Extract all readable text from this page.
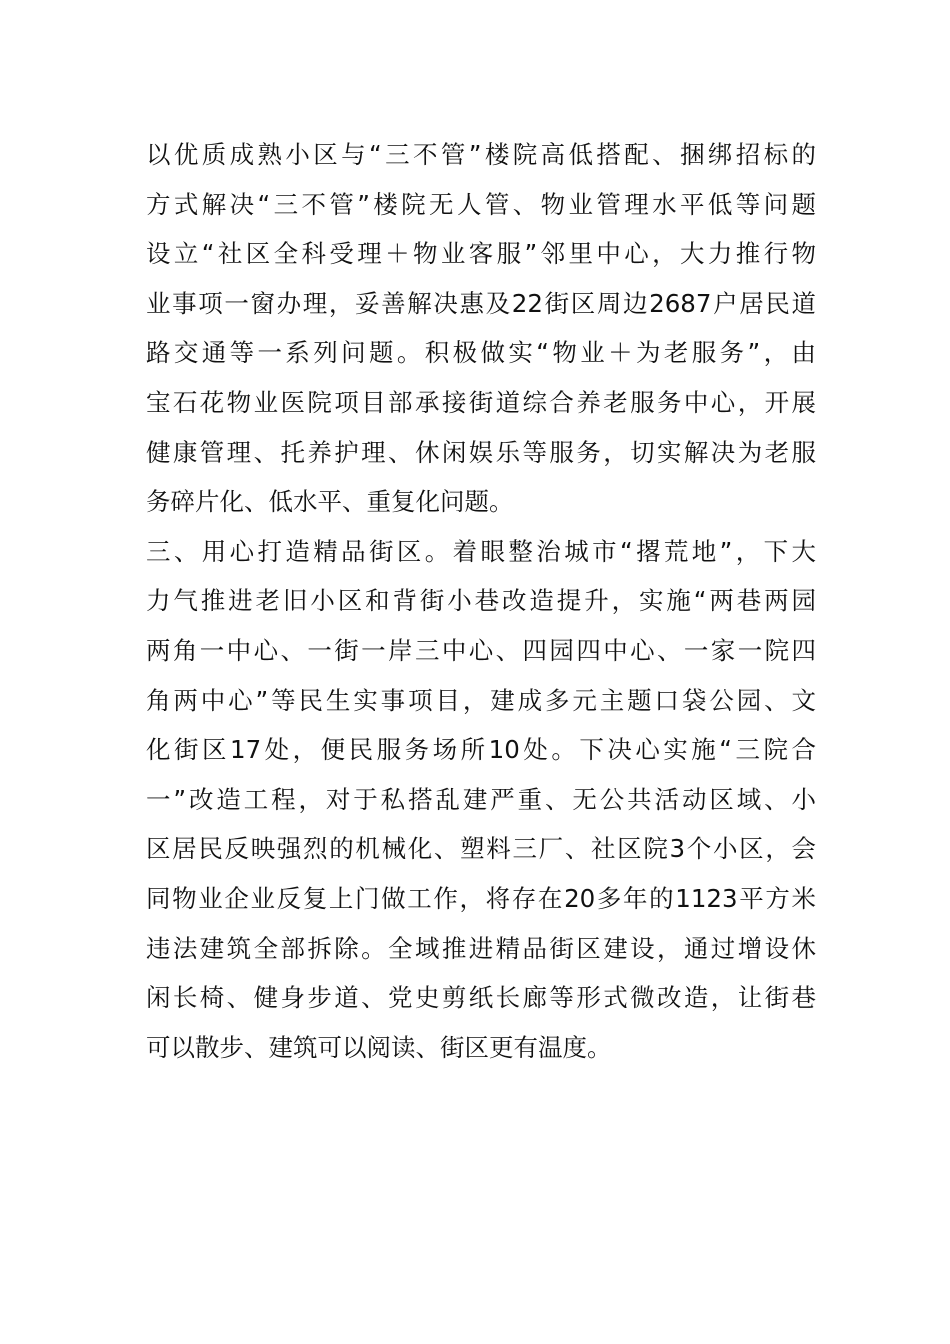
以优质成熟小区与“三不管”楼院高低搭配、捆绑招标的
方式解决“三不管”楼院无人管、物业管理水平低等问题
设立“社区全科受理＋物业客服”邻里中心，大力推行物
业事项一窗办理，妥善解决惠及22街区周边2687户居民道
路交通等一系列问题。积极做实“物业＋为老服务”，由
宝石花物业医院项目部承接街道综合养老服务中心，开展
健康管理、托养护理、休闲娱乐等服务，切实解决为老服
务碎片化、低水平、重复化问题。
三、用心打造精品街区。着眼整治城市“撂荒地”，下大
力气推进老旧小区和背街小巷改造提升，实施“两巷两园
两角一中心、一街一岸三中心、四园四中心、一家一院四
角两中心”等民生实事项目，建成多元主题口袋公园、文
化街区17处，便民服务场所10处。下决心实施“三院合
一”改造工程，对于私搭乱建严重、无公共活动区域、小
区居民反映强烈的机械化、塑料三厂、社区院3个小区，会
同物业企业反复上门做工作，将存在20多年的1123平方米
违法建筑全部拆除。全域推进精品街区建设，通过增设休
闲长椅、健身步道、党史剪纸长廊等形式微改造，让街巷
可以散步、建筑可以阅读、街区更有温度。
